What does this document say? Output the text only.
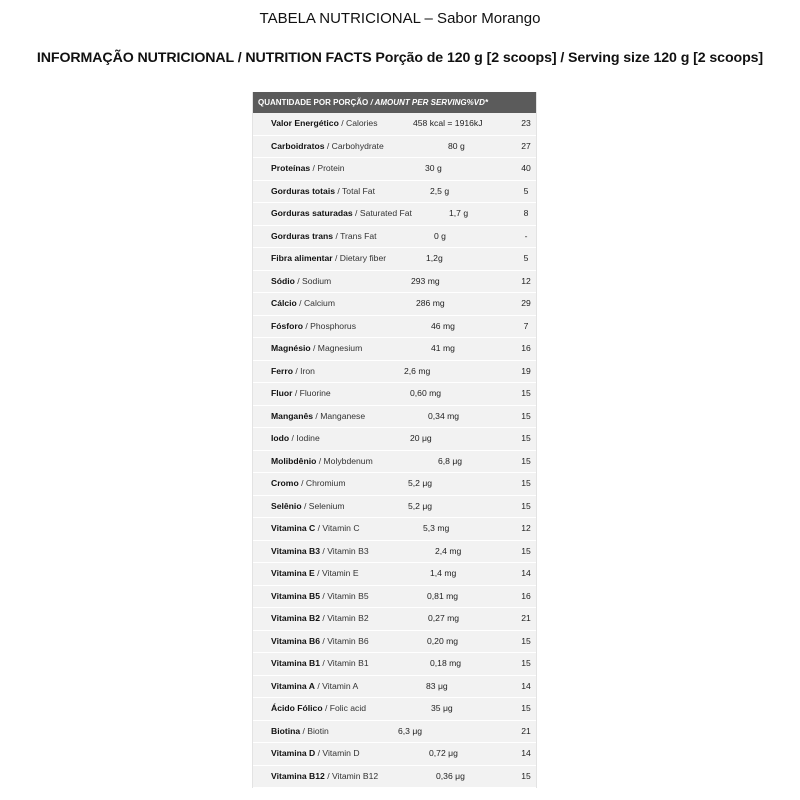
TABELA NUTRICIONAL – Sabor Morango
INFORMAÇÃO NUTRICIONAL / NUTRITION FACTS Porção de 120 g [2 scoops] / Serving size 120 g [2 scoops]
QUANTIDADE POR PORÇÃO / AMOUNT PER SERVING%VD*
Valor Energético / Calories	458 kcal = 1916kJ	23
Carboidratos / Carbohydrate	80 g	27
Proteínas / Protein	30 g	40
Gorduras totais / Total Fat	2,5 g	5
Gorduras saturadas / Saturated Fat	1,7 g	8
Gorduras trans / Trans Fat	0 g	-
Fibra alimentar / Dietary fiber	1,2g	5
Sódio / Sodium	293 mg	12
Cálcio / Calcium	286 mg	29
Fósforo / Phosphorus	46 mg	7
Magnésio / Magnesium	41 mg	16
Ferro / Iron	2,6 mg	19
Fluor / Fluorine	0,60 mg	15
Manganês / Manganese	0,34 mg	15
Iodo / Iodine	20 μg	15
Molibdênio / Molybdenum	6,8 μg	15
Cromo / Chromium	5,2 μg	15
Selênio / Selenium	5,2 μg	15
Vitamina C / Vitamin C	5,3 mg	12
Vitamina B3 / Vitamin B3	2,4 mg	15
Vitamina E / Vitamin E	1,4 mg	14
Vitamina B5 / Vitamin B5	0,81 mg	16
Vitamina B2 / Vitamin B2	0,27 mg	21
Vitamina B6 / Vitamin B6	0,20 mg	15
Vitamina B1 / Vitamin B1	0,18 mg	15
Vitamina A / Vitamin A	83 μg	14
Ácido Fólico / Folic acid	35 μg	15
Biotina / Biotin	6,3 μg	21
Vitamina D / Vitamin D	0,72 μg	14
Vitamina B12 / Vitamin B12	0,36 μg	15
